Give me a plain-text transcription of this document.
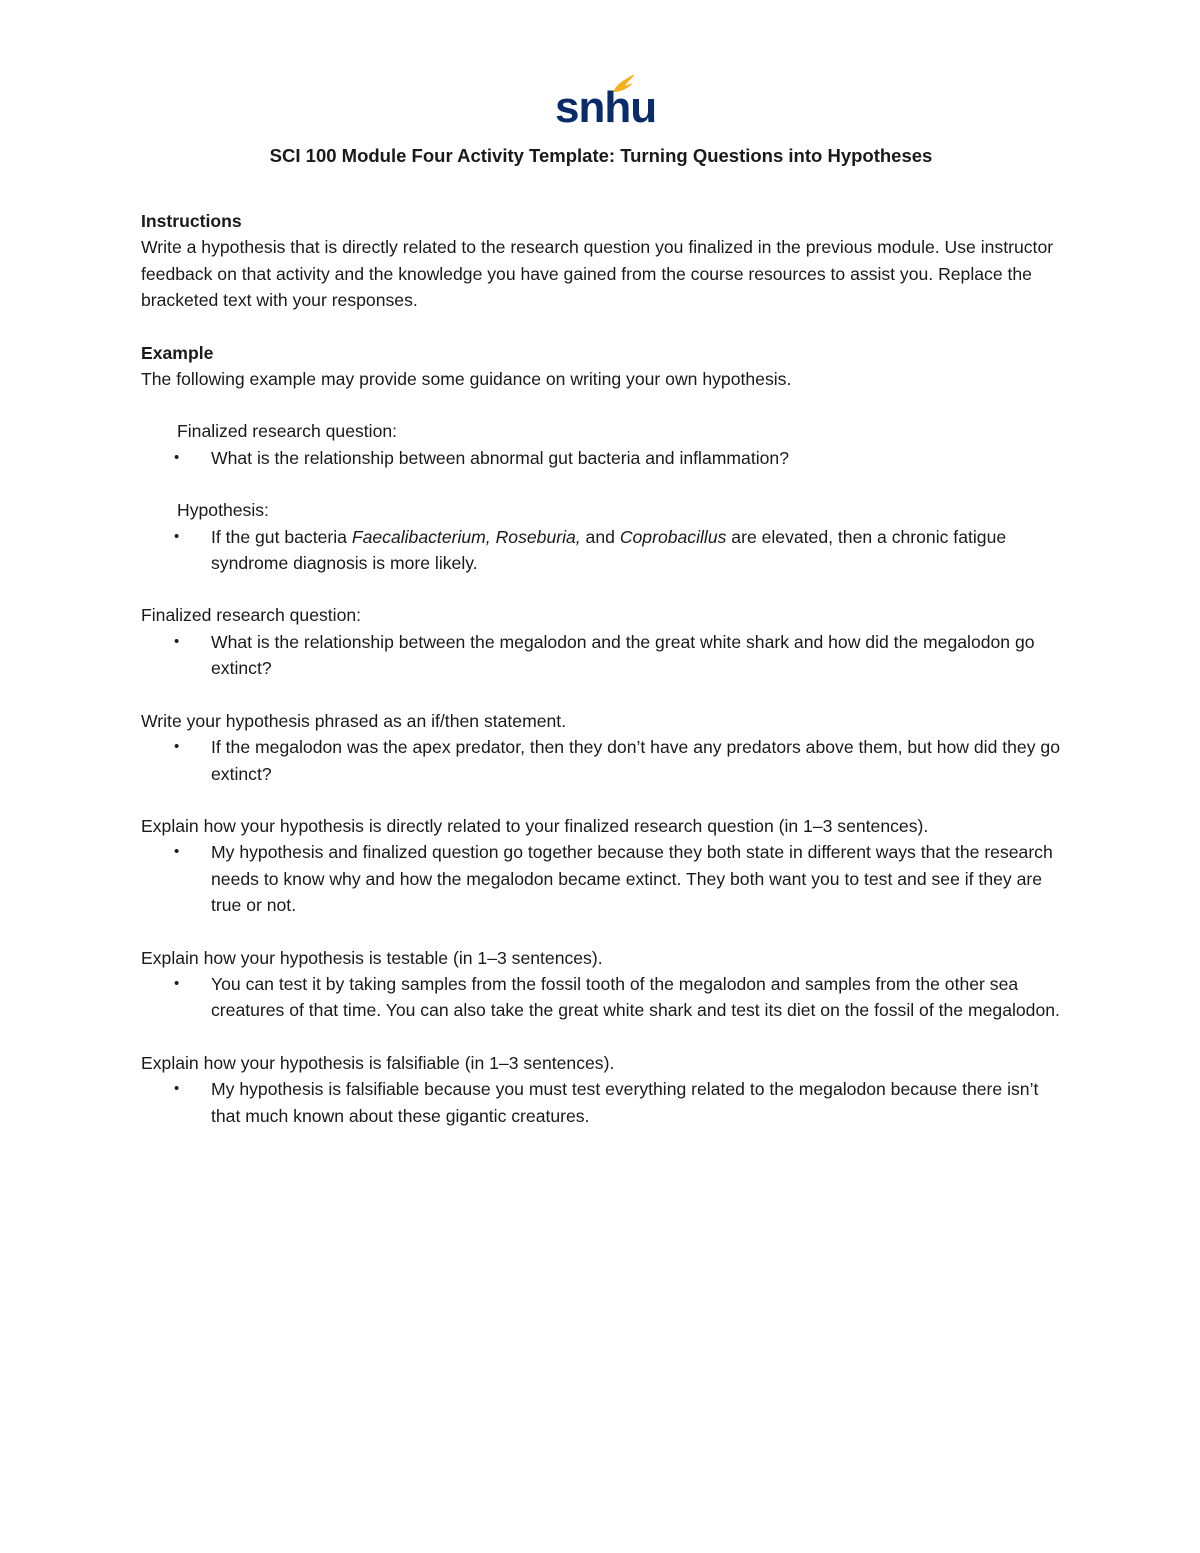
snhu

SCI 100 Module Four Activity Template: Turning Questions into Hypotheses

Instructions

Write a hypothesis that is directly related to the research question you finalized in the previous module. Use instructor feedback on that activity and the knowledge you have gained from the course resources to assist you. Replace the bracketed text with your responses.

Example

The following example may provide some guidance on writing your own hypothesis.

Finalized research question:

• What is the relationship between abnormal gut bacteria and inflammation?

Hypothesis:

• If the gut bacteria Faecalibacterium, Roseburia, and Coprobacillus are elevated, then a chronic fatigue syndrome diagnosis is more likely.

Finalized research question:

• What is the relationship between the megalodon and the great white shark and how did the megalodon go extinct?

Write your hypothesis phrased as an if/then statement.

• If the megalodon was the apex predator, then they don’t have any predators above them, but how did they go extinct?

Explain how your hypothesis is directly related to your finalized research question (in 1–3 sentences).

• My hypothesis and finalized question go together because they both state in different ways that the research needs to know why and how the megalodon became extinct. They both want you to test and see if they are true or not.

Explain how your hypothesis is testable (in 1–3 sentences).

• You can test it by taking samples from the fossil tooth of the megalodon and samples from the other sea creatures of that time. You can also take the great white shark and test its diet on the fossil of the megalodon.

Explain how your hypothesis is falsifiable (in 1–3 sentences).

• My hypothesis is falsifiable because you must test everything related to the megalodon because there isn’t that much known about these gigantic creatures.
